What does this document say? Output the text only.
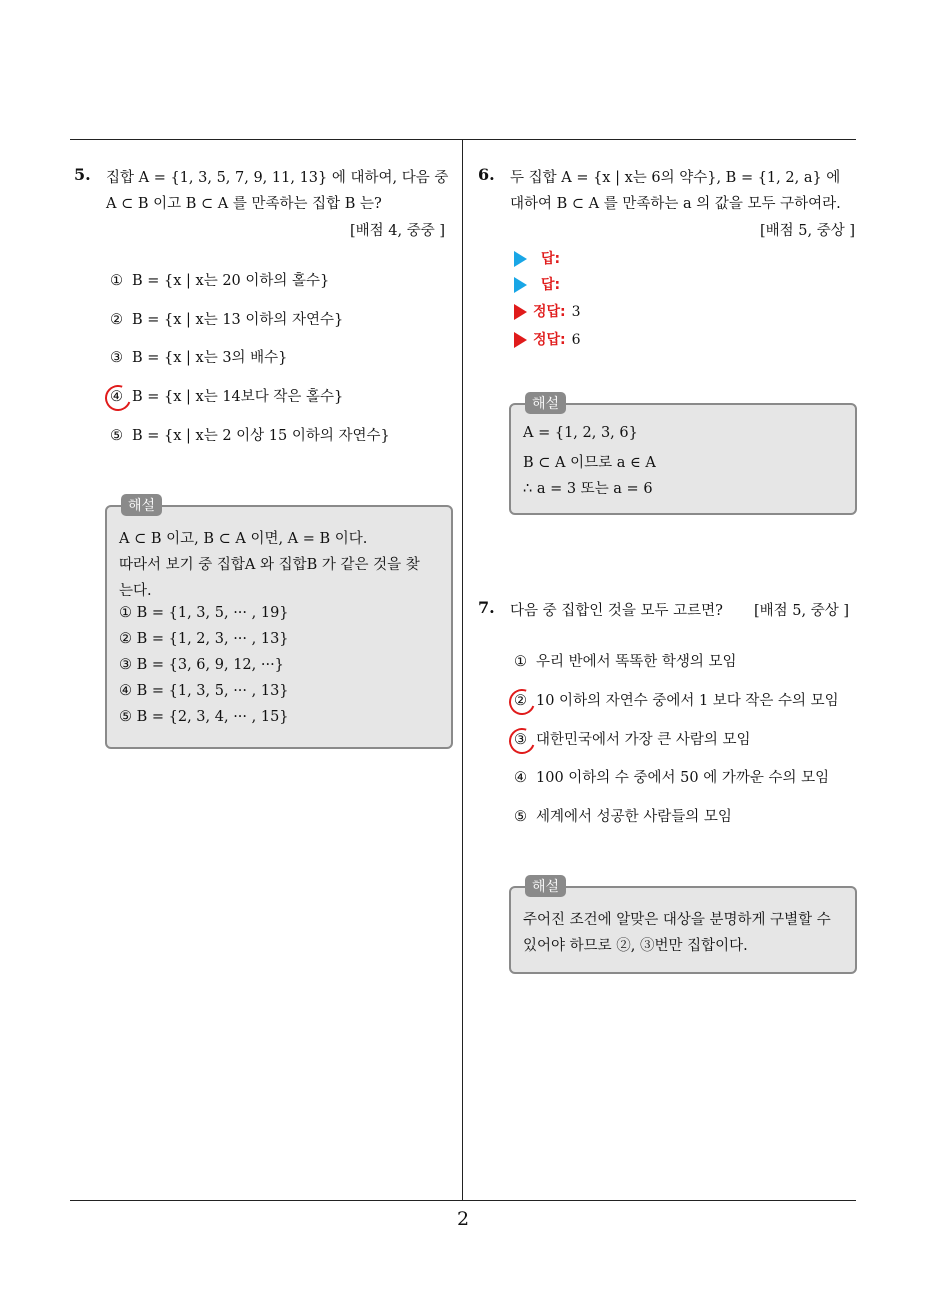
2
5. 집합 A = {1, 3, 5, 7, 9, 11, 13} 에 대하여, 다음 중
A ⊂ B 이고 B ⊂ A 를 만족하는 집합 B 는?
[배점 4, 중중 ]
① B = {x | x는 20 이하의 홀수}
② B = {x | x는 13 이하의 자연수}
③ B = {x | x는 3의 배수}
④ B = {x | x는 14보다 작은 홀수}
⑤ B = {x | x는 2 이상 15 이하의 자연수}
해설
A ⊂ B 이고, B ⊂ A 이면, A = B 이다.
따라서 보기 중 집합A 와 집합B 가 같은 것을 찾
는다.
① B = {1, 3, 5, ··· , 19}
② B = {1, 2, 3, ··· , 13}
③ B = {3, 6, 9, 12, ···}
④ B = {1, 3, 5, ··· , 13}
⑤ B = {2, 3, 4, ··· , 15}
6. 두 집합 A = {x | x는 6의 약수}, B = {1, 2, a} 에
대하여 B ⊂ A 를 만족하는 a 의 값을 모두 구하여라.
[배점 5, 중상 ]
답:
답:
정답: 3
정답: 6
해설
A = {1, 2, 3, 6}
B ⊂ A 이므로 a ∈ A
∴ a = 3 또는 a = 6
7. 다음 중 집합인 것을 모두 고르면? [배점 5, 중상 ]
① 우리 반에서 똑똑한 학생의 모임
② 10 이하의 자연수 중에서 1 보다 작은 수의 모임
③ 대한민국에서 가장 큰 사람의 모임
④ 100 이하의 수 중에서 50 에 가까운 수의 모임
⑤ 세계에서 성공한 사람들의 모임
해설
주어진 조건에 알맞은 대상을 분명하게 구별할 수
있어야 하므로 ②, ③번만 집합이다.
